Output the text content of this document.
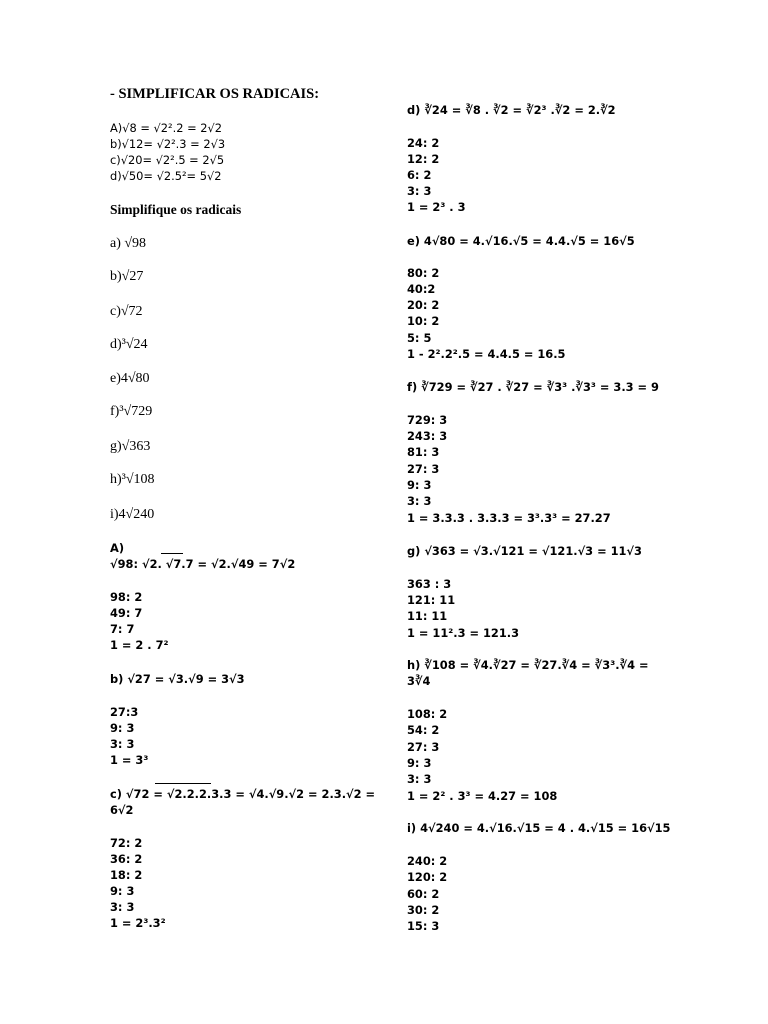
- SIMPLIFICAR OS RADICAIS:
A)√8 = √2².2 = 2√2
b)√12= √2².3 = 2√3
c)√20= √2².5 = 2√5
d)√50= √2.5²= 5√2
Simplifique os radicais
a) √98
b)√27
c)√72
d)³√24
e)4√80
f)³√729
g)√363
h)³√108
i)4√240
A)
√98: √2. √7.7 = √2.√49 = 7√2
98: 2
49: 7
7: 7
1 = 2 . 7²
b) √27 = √3.√9 = 3√3
27:3
9: 3
3: 3
1 = 3³
c) √72 = √2.2.2.3.3 = √4.√9.√2 = 2.3.√2 =
6√2
72: 2
36: 2
18: 2
9: 3
3: 3
1 = 2³.3²
d) ∛24 = ∛8 . ∛2 = ∛2³ .∛2 = 2.∛2
24: 2
12: 2
6: 2
3: 3
1 = 2³ . 3
e) 4√80 = 4.√16.√5 = 4.4.√5 = 16√5
80: 2
40:2
20: 2
10: 2
5: 5
1 - 2².2².5 = 4.4.5 = 16.5
f) ∛729 = ∛27 . ∛27 = ∛3³ .∛3³ = 3.3 = 9
729: 3
243: 3
81: 3
27: 3
9: 3
3: 3
1 = 3.3.3 . 3.3.3 = 3³.3³ = 27.27
g) √363 = √3.√121 = √121.√3 = 11√3
363 : 3
121: 11
11: 11
1 = 11².3 = 121.3
h) ∛108 = ∛4.∛27 = ∛27.∛4 = ∛3³.∛4 =
3∛4
108: 2
54: 2
27: 3
9: 3
3: 3
1 = 2² . 3³ = 4.27 = 108
i) 4√240 = 4.√16.√15 = 4 . 4.√15 = 16√15
240: 2
120: 2
60: 2
30: 2
15: 3
